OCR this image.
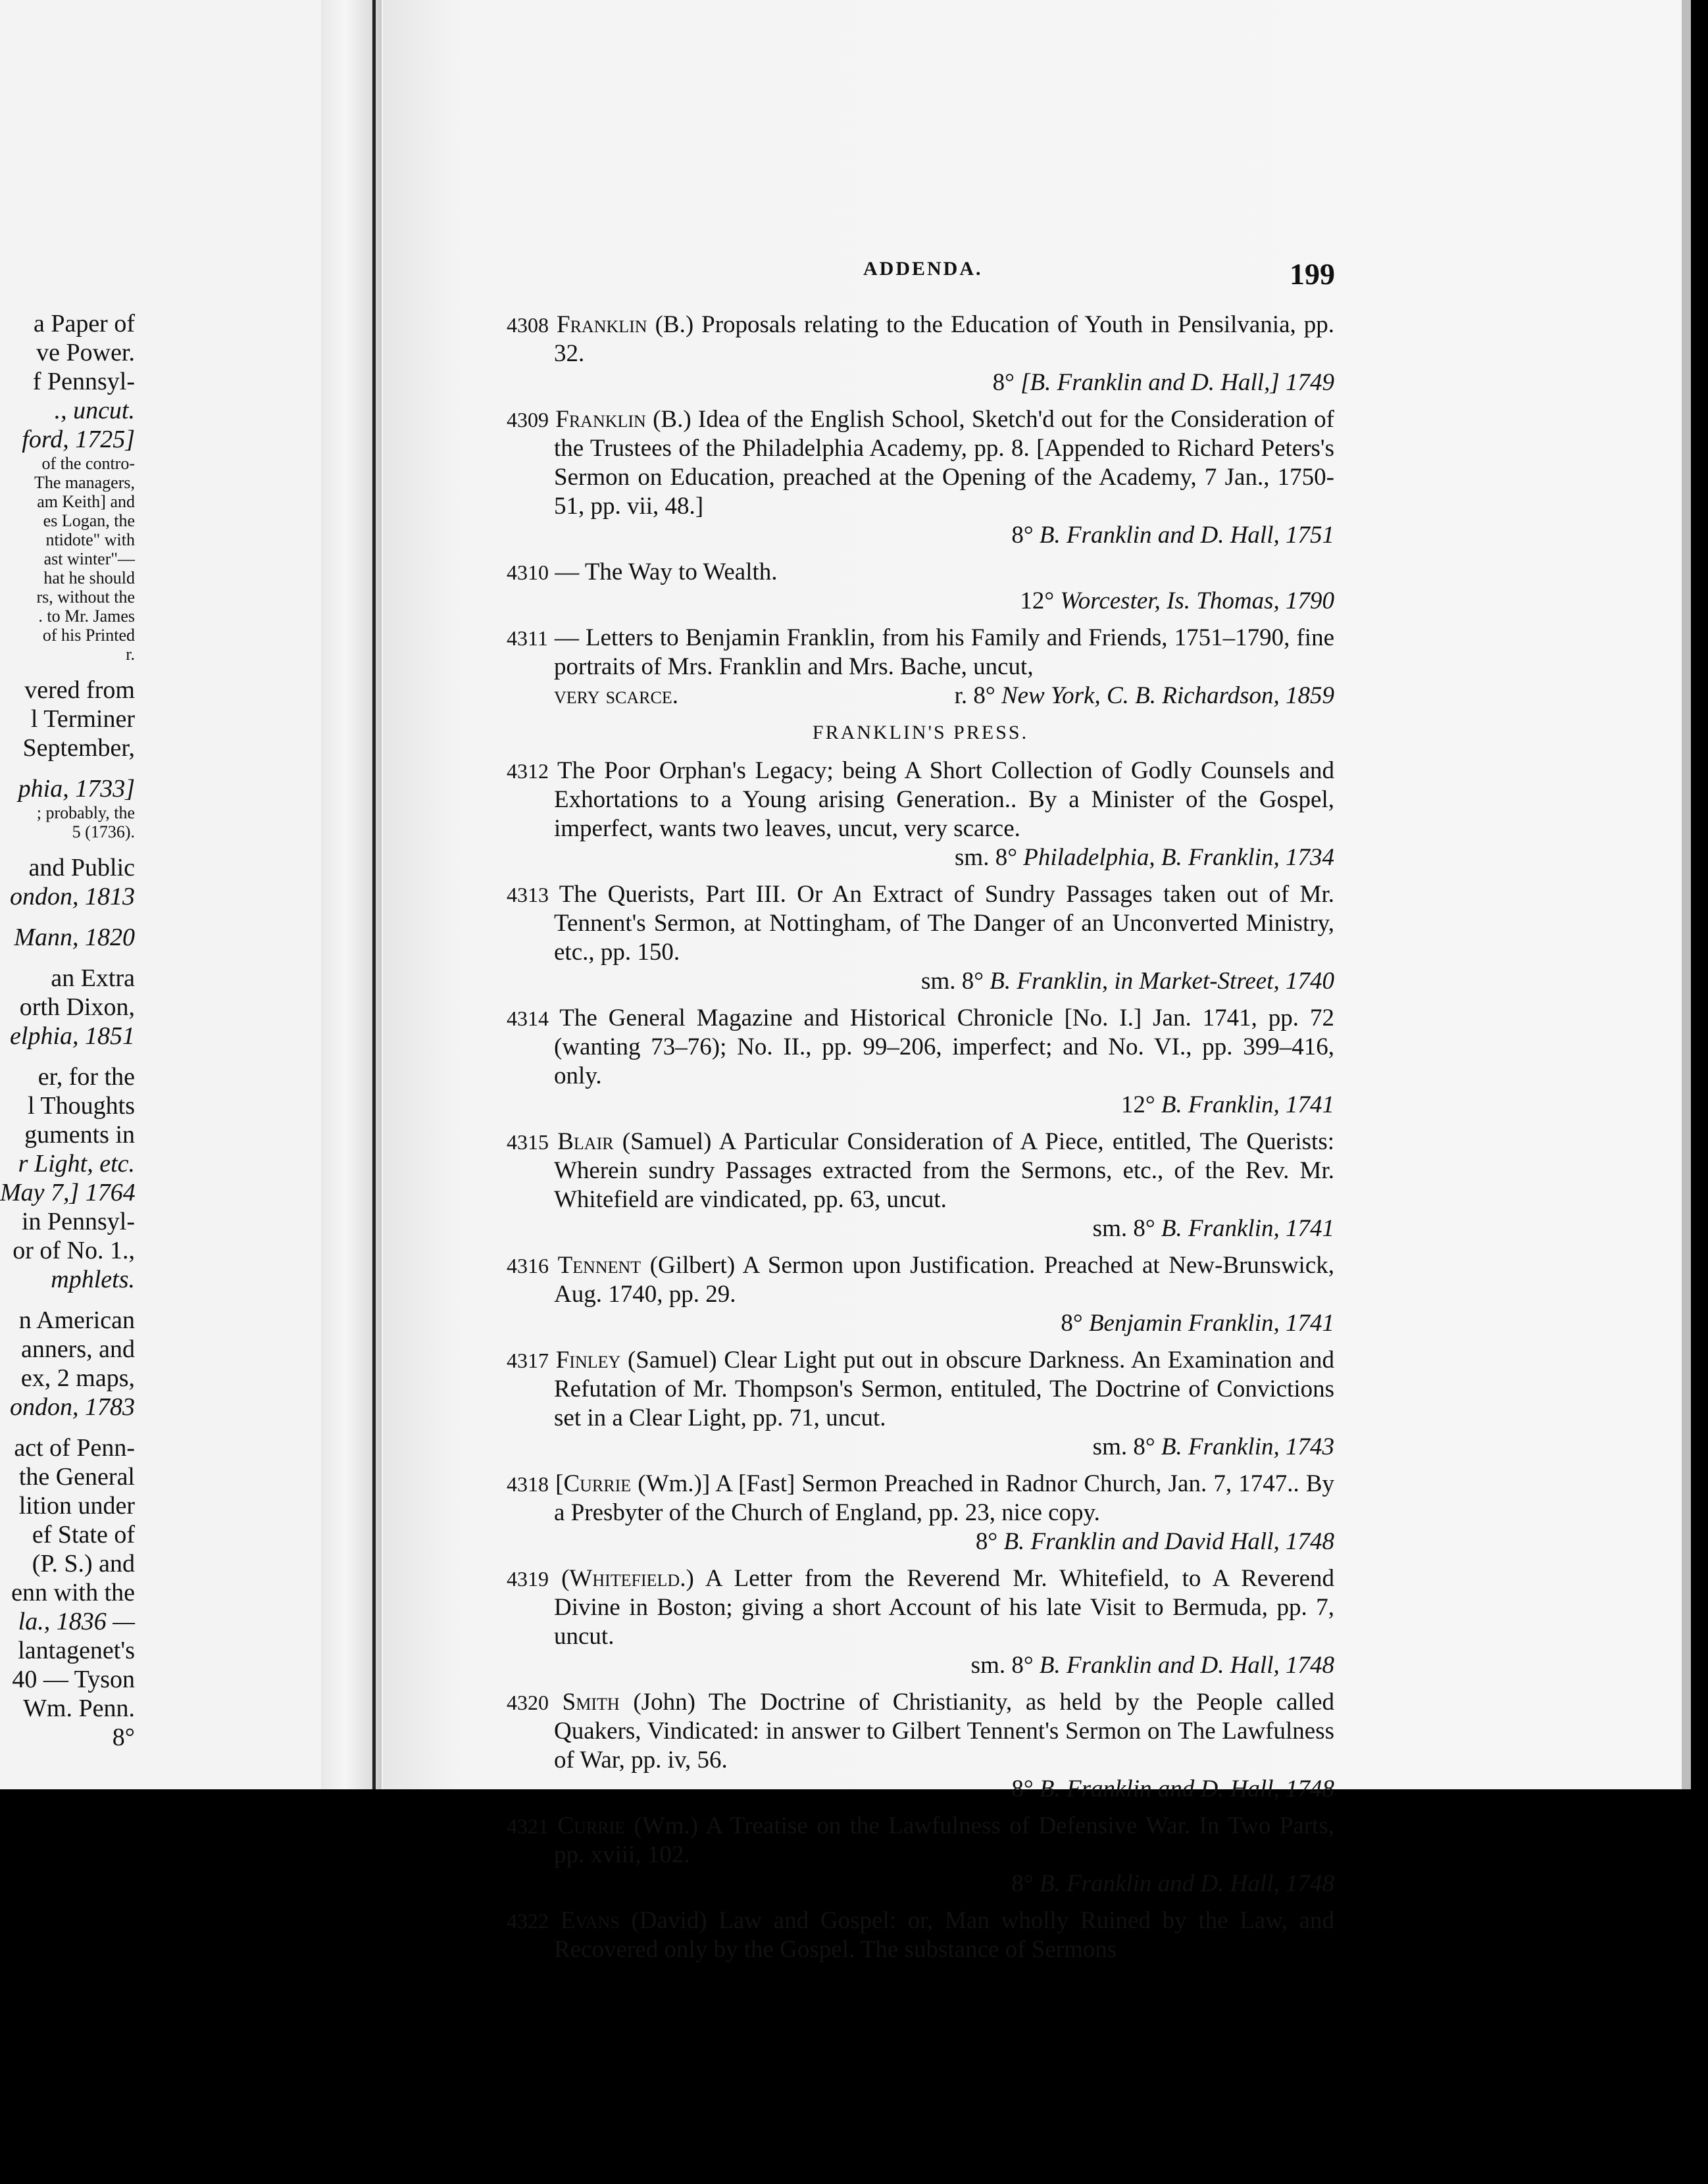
a Paper of
ve Power.
f Pennsyl-
., uncut.
ford, 1725]
of the contro-
The managers,
am Keith] and
es Logan, the
ntidote" with
ast winter"—
hat he should
rs, without the
. to Mr. James
of his Printed
r.
vered from
l Terminer
September,
phia, 1733]
; probably, the
5 (1736).
and Public
ondon, 1813
Mann, 1820
an Extra
orth Dixon,
elphia, 1851
er, for the
l Thoughts
guments in
r Light, etc.
May 7,] 1764
in Pennsyl-
or of No. 1.,
mphlets.
n American
anners, and
ex, 2 maps,
ondon, 1783
act of Penn-
the General
lition under
ef State of
(P. S.) and
enn with the
la., 1836 —
lantagenet's
40 — Tyson
Wm. Penn.
8°
ADDENDA.	199
4308 Franklin (B.) Proposals relating to the Education of Youth in Pensilvania, pp. 32.
8° [B. Franklin and D. Hall,] 1749
4309 Franklin (B.) Idea of the English School, Sketch'd out for the Consideration of the Trustees of the Philadelphia Academy, pp. 8. [Appended to Richard Peters's Sermon on Education, preached at the Opening of the Academy, 7 Jan., 1750-51, pp. vii, 48.]
8° B. Franklin and D. Hall, 1751
4310 — The Way to Wealth.
12° Worcester, Is. Thomas, 1790
4311 — Letters to Benjamin Franklin, from his Family and Friends, 1751–1790, fine portraits of Mrs. Franklin and Mrs. Bache, uncut,
very scarce.	r. 8° New York, C. B. Richardson, 1859
FRANKLIN'S PRESS.
4312 The Poor Orphan's Legacy; being A Short Collection of Godly Counsels and Exhortations to a Young arising Generation.. By a Minister of the Gospel, imperfect, wants two leaves, uncut, very scarce.
sm. 8° Philadelphia, B. Franklin, 1734
4313 The Querists, Part III. Or An Extract of Sundry Passages taken out of Mr. Tennent's Sermon, at Nottingham, of The Danger of an Unconverted Ministry, etc., pp. 150.
sm. 8° B. Franklin, in Market-Street, 1740
4314 The General Magazine and Historical Chronicle [No. I.] Jan. 1741, pp. 72 (wanting 73–76); No. II., pp. 99–206, imperfect; and No. VI., pp. 399–416, only.
12° B. Franklin, 1741
4315 Blair (Samuel) A Particular Consideration of A Piece, entitled, The Querists: Wherein sundry Passages extracted from the Sermons, etc., of the Rev. Mr. Whitefield are vindicated, pp. 63, uncut.
sm. 8° B. Franklin, 1741
4316 Tennent (Gilbert) A Sermon upon Justification. Preached at New-Brunswick, Aug. 1740, pp. 29.
8° Benjamin Franklin, 1741
4317 Finley (Samuel) Clear Light put out in obscure Darkness. An Examination and Refutation of Mr. Thompson's Sermon, entituled, The Doctrine of Convictions set in a Clear Light, pp. 71, uncut.
sm. 8° B. Franklin, 1743
4318 [Currie (Wm.)] A [Fast] Sermon Preached in Radnor Church, Jan. 7, 1747.. By a Presbyter of the Church of England, pp. 23, nice copy.
8° B. Franklin and David Hall, 1748
4319 (Whitefield.) A Letter from the Reverend Mr. Whitefield, to A Reverend Divine in Boston; giving a short Account of his late Visit to Bermuda, pp. 7, uncut.
sm. 8° B. Franklin and D. Hall, 1748
4320 Smith (John) The Doctrine of Christianity, as held by the People called Quakers, Vindicated: in answer to Gilbert Tennent's Sermon on The Lawfulness of War, pp. iv, 56.
8° B. Franklin and D. Hall, 1748
4321 Currie (Wm.) A Treatise on the Lawfulness of Defensive War. In Two Parts, pp. xviii, 102.
8° B. Franklin and D. Hall, 1748
4322 Evans (David) Law and Gospel: or, Man wholly Ruined by the Law, and Recovered only by the Gospel. The substance of Sermons
